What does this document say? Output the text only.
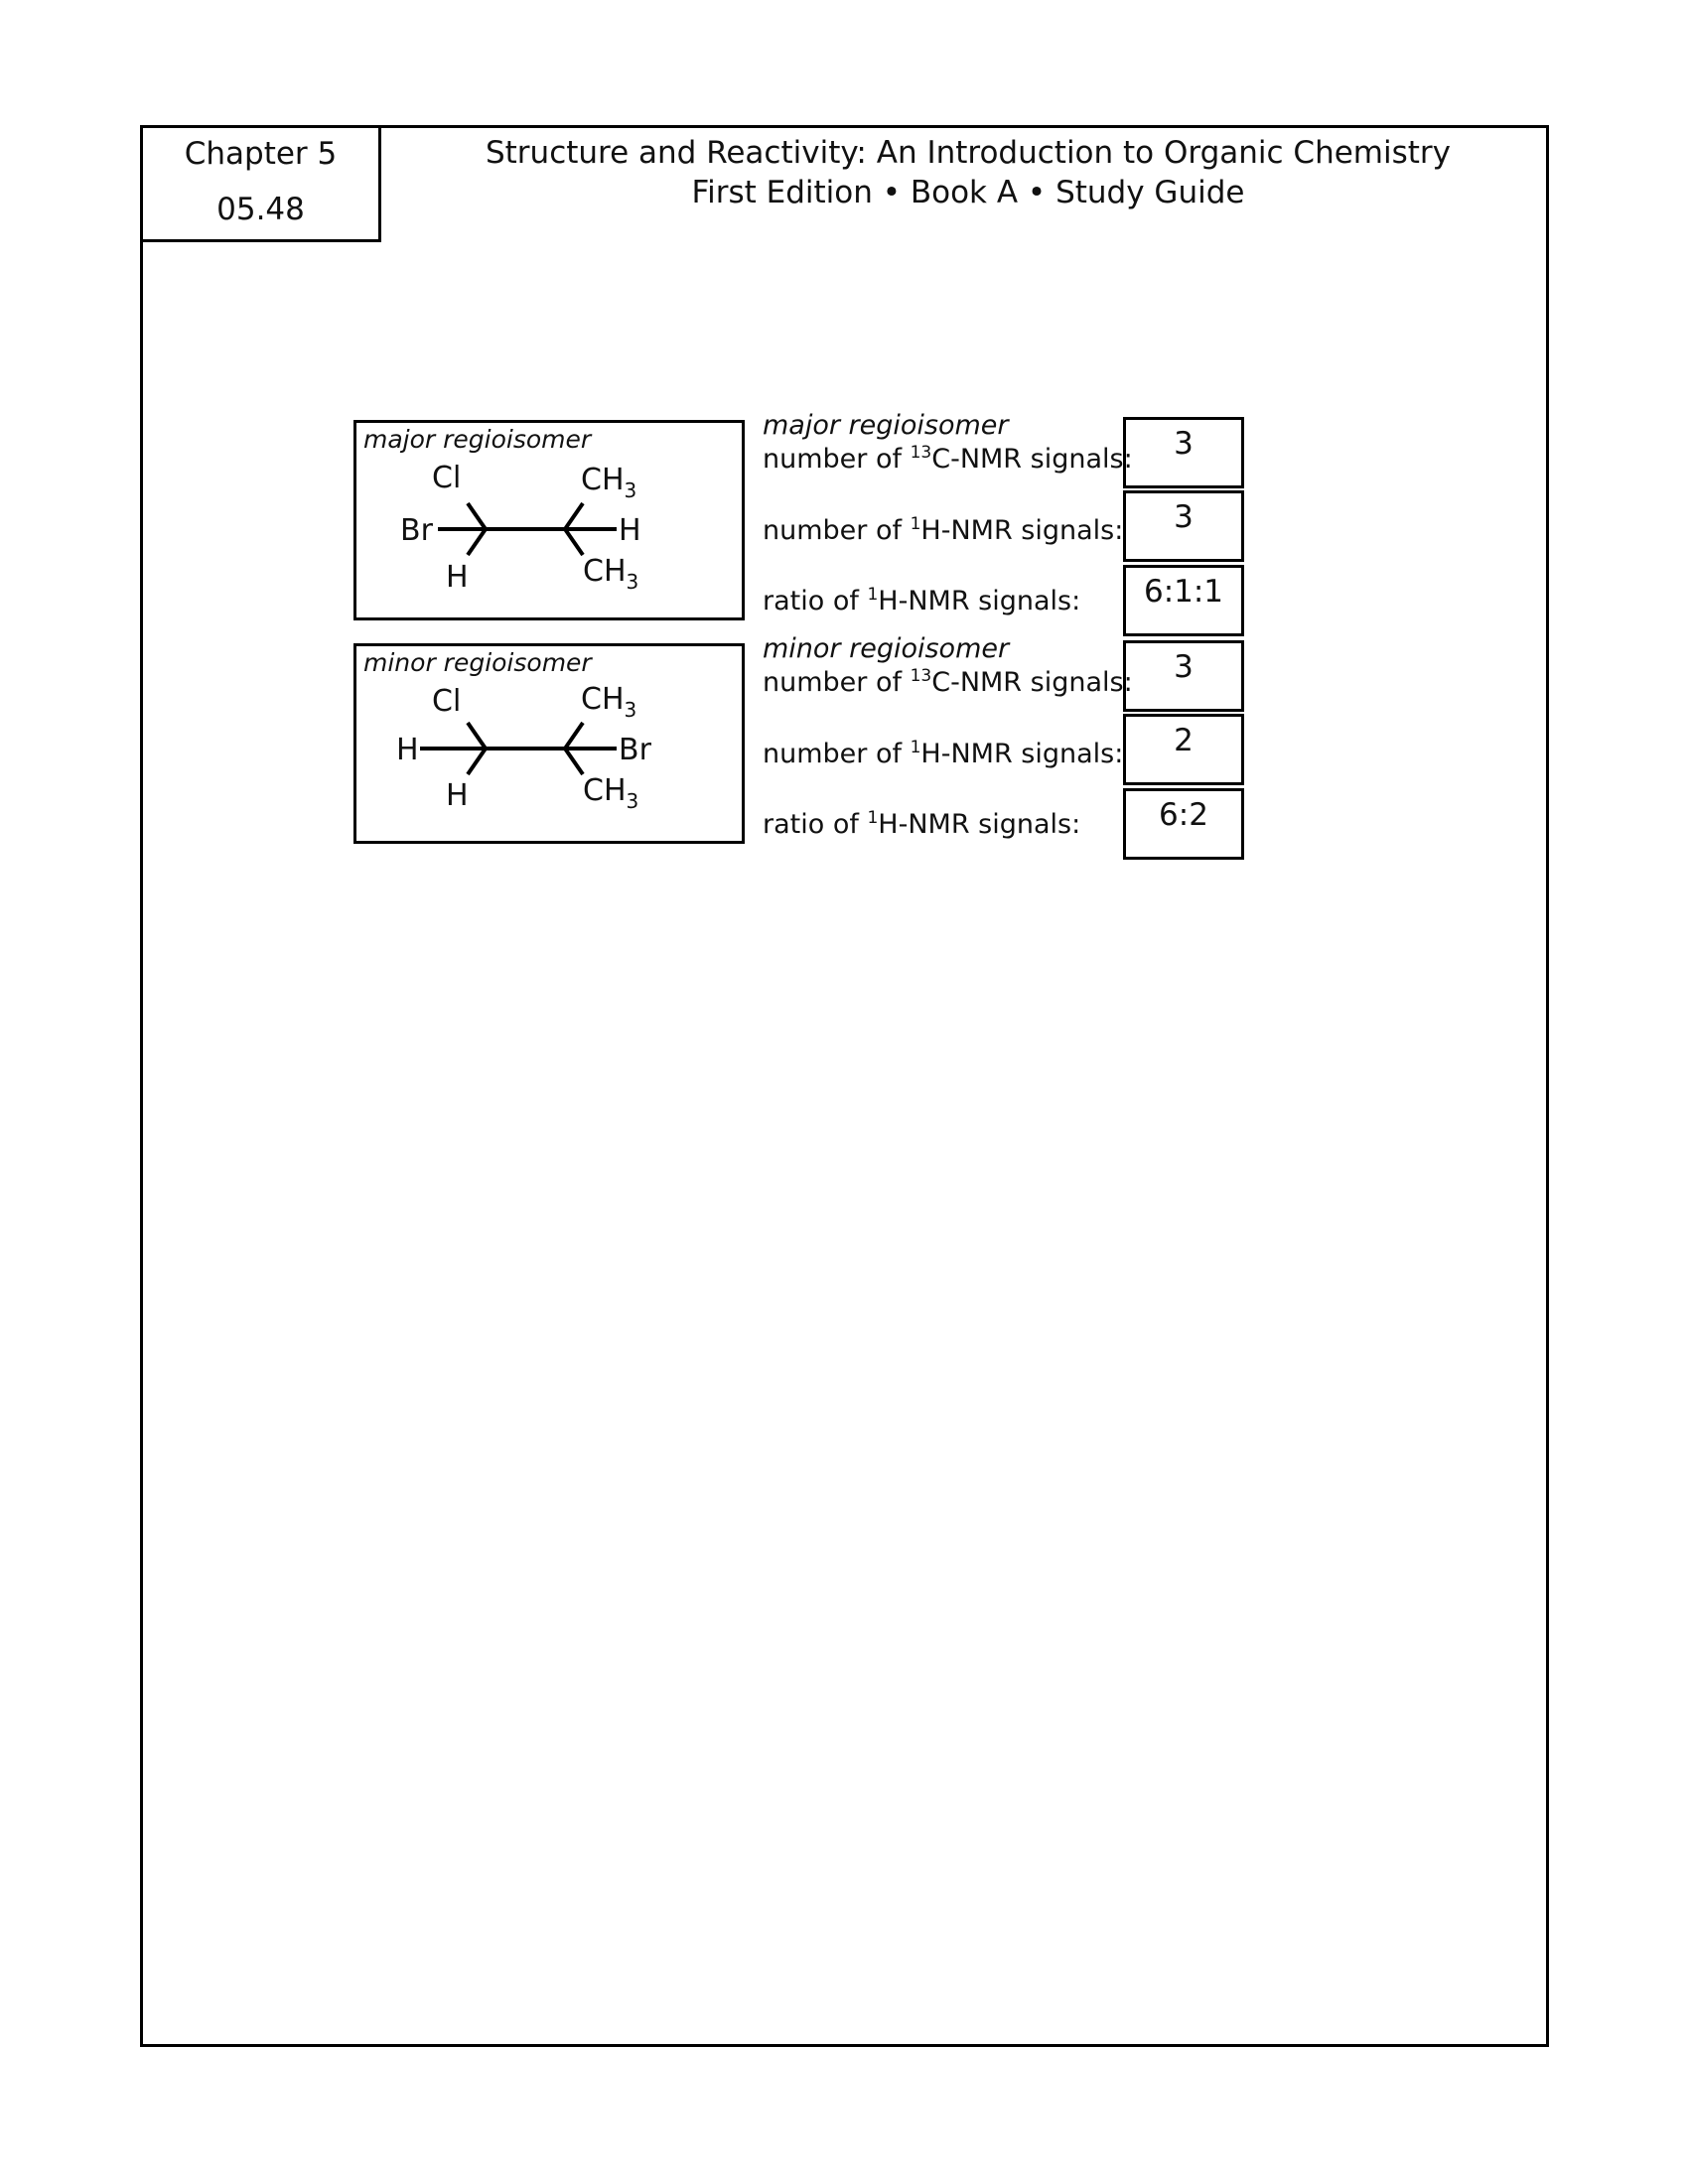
Chapter 5
05.48
Structure and Reactivity: An Introduction to Organic Chemistry
First Edition • Book A • Study Guide
major regioisomer
Cl
Br
H
$CH_3$
H
$CH_3$
minor regioisomer
Cl
H
H
$CH_3$
Br
$CH_3$
major regioisomer
number of $^{13}$C-NMR signals:	3
number of $^1$H-NMR signals:	3
ratio of $^1$H-NMR signals:	6:1:1
minor regioisomer
number of $^{13}$C-NMR signals:	3
number of $^1$H-NMR signals:	2
ratio of $^1$H-NMR signals:	6:2
